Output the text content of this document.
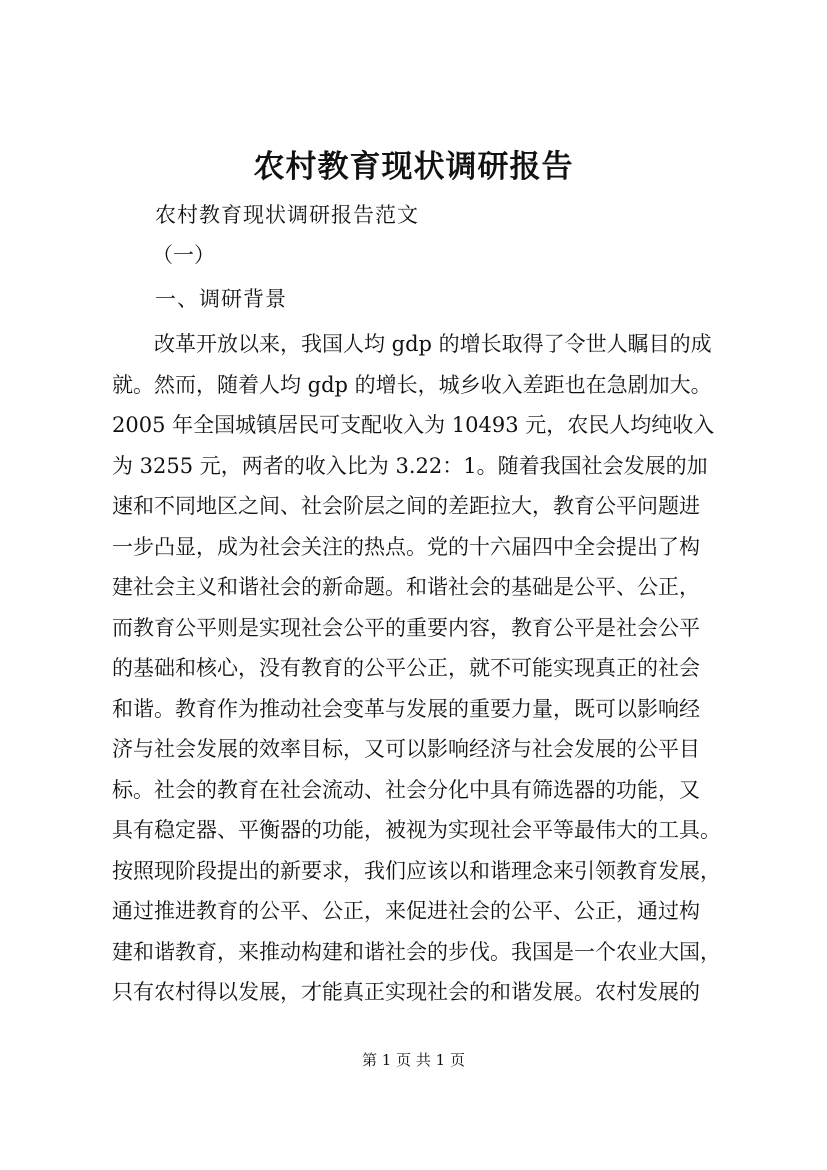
农村教育现状调研报告
农村教育现状调研报告范文
（一）
一、调研背景
　　改革开放以来，我国人均 gdp 的增长取得了令世人瞩目的成
就。然而，随着人均 gdp 的增长，城乡收入差距也在急剧加大。
2005 年全国城镇居民可支配收入为 10493 元，农民人均纯收入
为 3255 元，两者的收入比为 3.22：1。随着我国社会发展的加
速和不同地区之间、社会阶层之间的差距拉大，教育公平问题进
一步凸显，成为社会关注的热点。党的十六届四中全会提出了构
建社会主义和谐社会的新命题。和谐社会的基础是公平、公正，
而教育公平则是实现社会公平的重要内容，教育公平是社会公平
的基础和核心，没有教育的公平公正，就不可能实现真正的社会
和谐。教育作为推动社会变革与发展的重要力量，既可以影响经
济与社会发展的效率目标，又可以影响经济与社会发展的公平目
标。社会的教育在社会流动、社会分化中具有筛选器的功能，又
具有稳定器、平衡器的功能，被视为实现社会平等最伟大的工具。
按照现阶段提出的新要求，我们应该以和谐理念来引领教育发展，
通过推进教育的公平、公正，来促进社会的公平、公正，通过构
建和谐教育，来推动构建和谐社会的步伐。我国是一个农业大国，
只有农村得以发展，才能真正实现社会的和谐发展。农村发展的
第 1 页 共 1 页
